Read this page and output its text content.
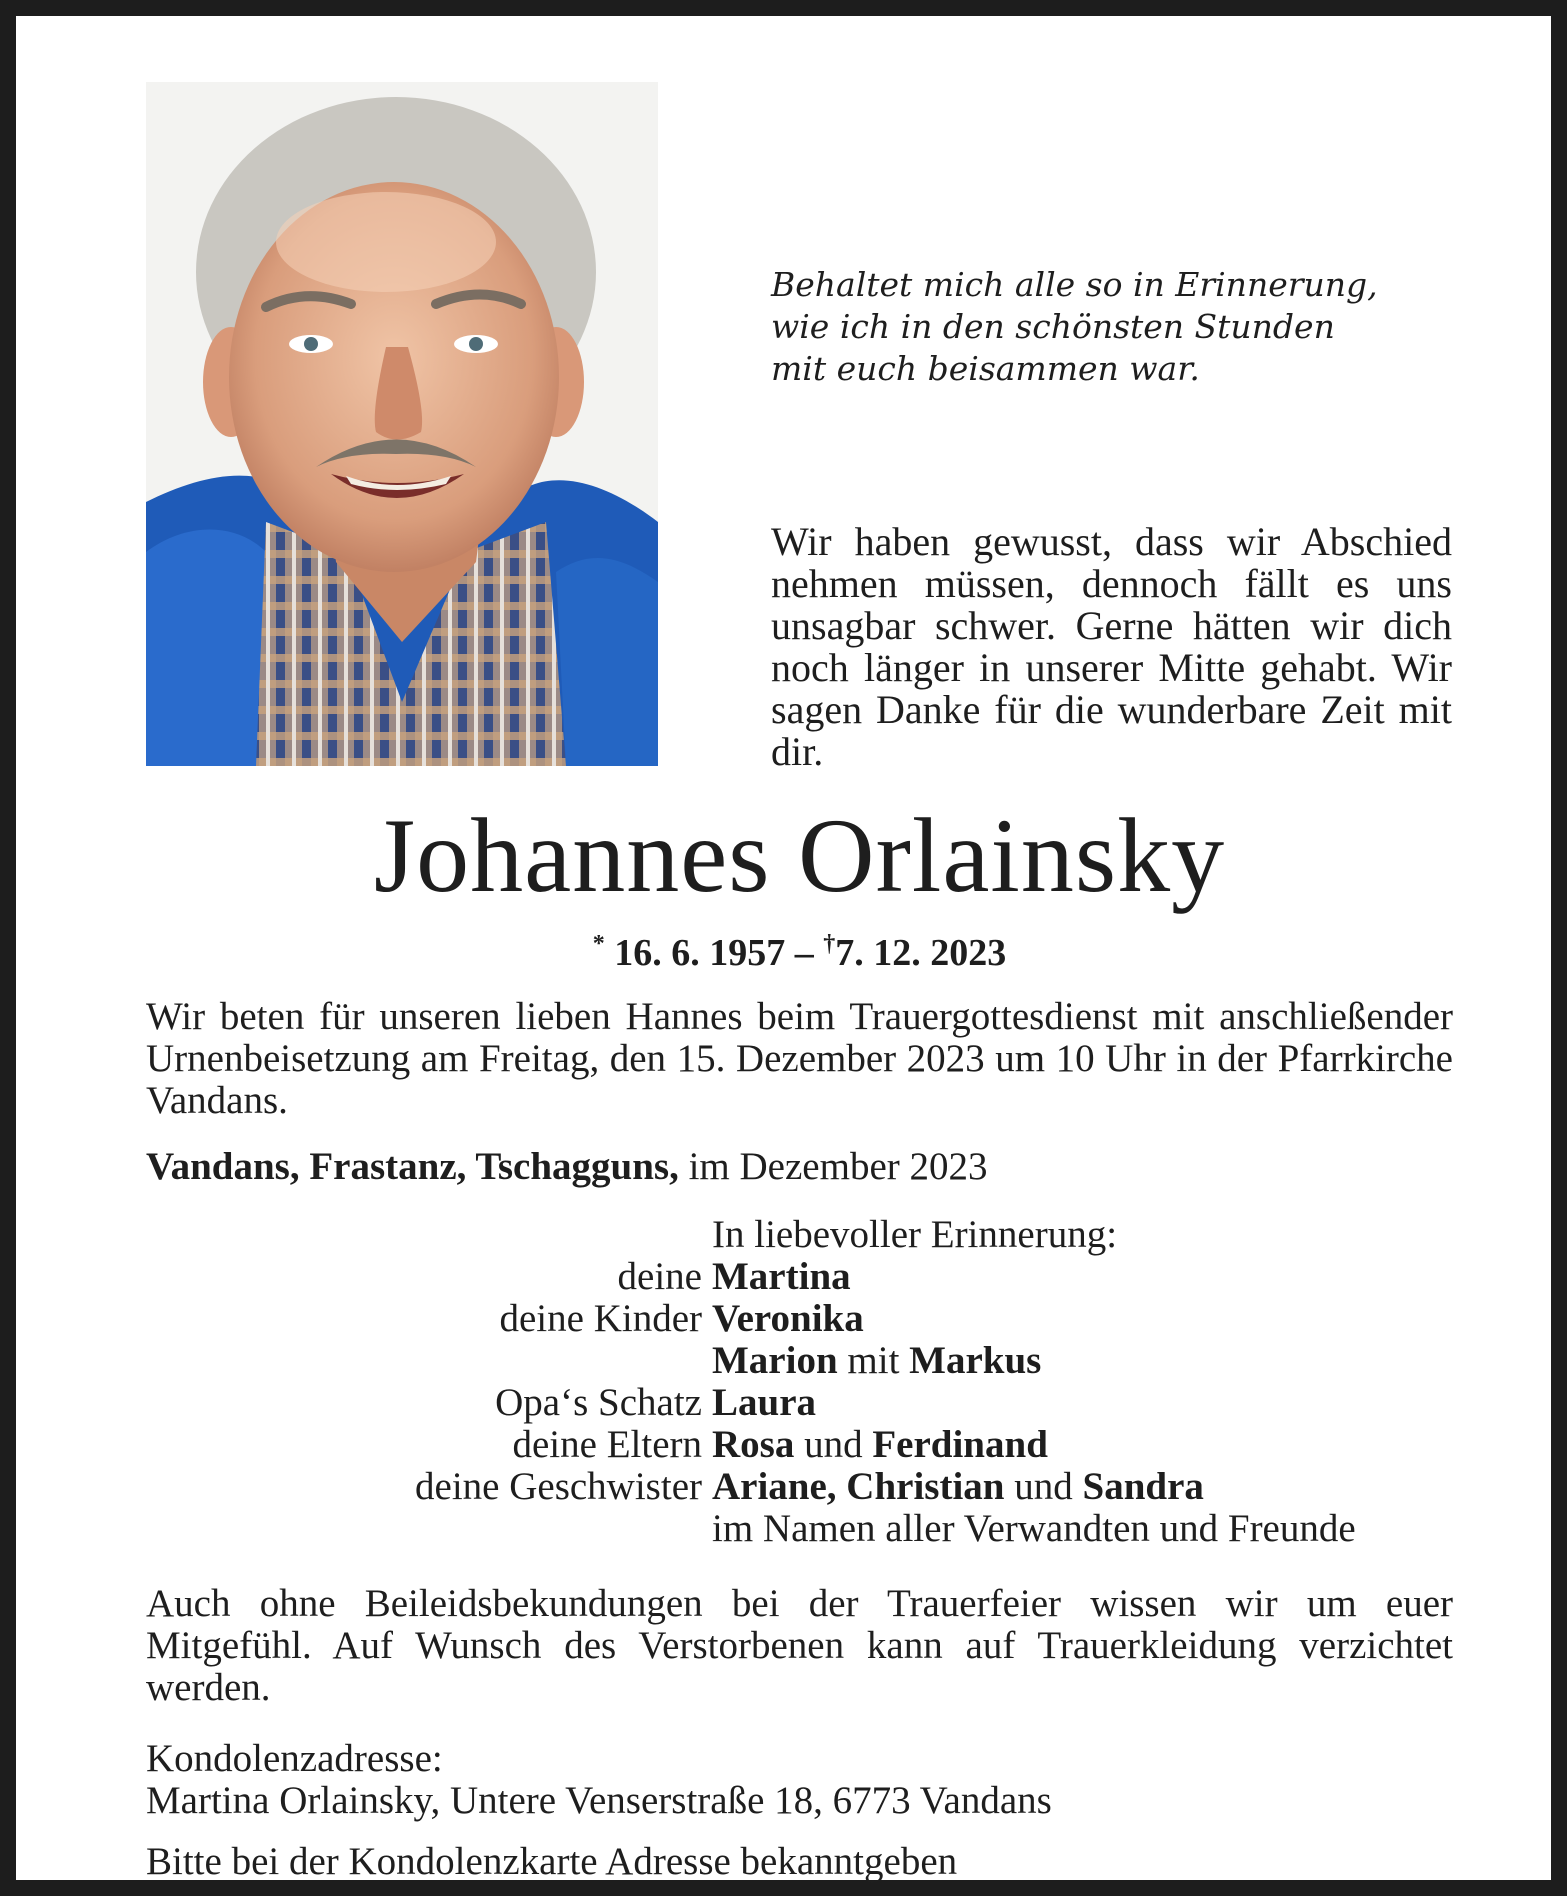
Behaltet mich alle so in Erinnerung,
wie ich in den schönsten Stunden
mit euch beisammen war.

Wir haben gewusst, dass wir Abschied nehmen müssen, dennoch fällt es uns unsagbar schwer. Gerne hätten wir dich noch länger in unserer Mitte gehabt. Wir sagen Danke für die wunderbare Zeit mit dir.

Johannes Orlainsky
* 16. 6. 1957 – †7. 12. 2023

Wir beten für unseren lieben Hannes beim Trauergottesdienst mit anschließender Urnenbeisetzung am Freitag, den 15. Dezember 2023 um 10 Uhr in der Pfarrkirche Vandans.

Vandans, Frastanz, Tschagguns, im Dezember 2023

In liebevoller Erinnerung:
deine Martina
deine Kinder Veronika
Marion mit Markus
Opa‘s Schatz Laura
deine Eltern Rosa und Ferdinand
deine Geschwister Ariane, Christian und Sandra
im Namen aller Verwandten und Freunde

Auch ohne Beileidsbekundungen bei der Trauerfeier wissen wir um euer Mitgefühl. Auf Wunsch des Verstorbenen kann auf Trauerkleidung verzichtet werden.

Kondolenzadresse:
Martina Orlainsky, Untere Venserstraße 18, 6773 Vandans

Bitte bei der Kondolenzkarte Adresse bekanntgeben
